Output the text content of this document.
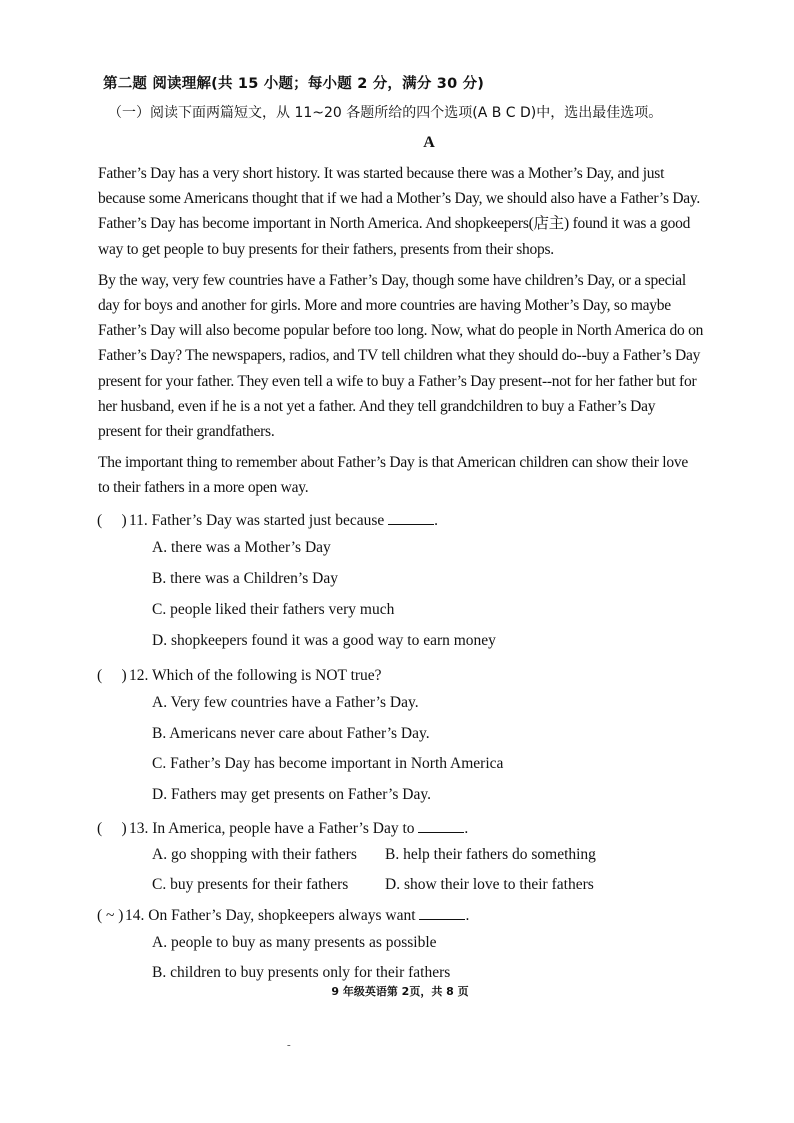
第二题 阅读理解(共 15 小题；每小题 2 分，满分 30 分)
（一）阅读下面两篇短文，从 11~20 各题所给的四个选项(A B C D)中，选出最佳选项。
A

Father’s Day has a very short history. It was started because there was a Mother’s Day, and just
because some Americans thought that if we had a Mother’s Day, we should also have a Father’s Day.
Father’s Day has become important in North America. And shopkeepers(店主) found it was a good
way to get people to buy presents for their fathers, presents from their shops.

By the way, very few countries have a Father’s Day, though some have children’s Day, or a special
day for boys and another for girls. More and more countries are having Mother’s Day, so maybe
Father’s Day will also become popular before too long. Now, what do people in North America do on
Father’s Day? The newspapers, radios, and TV tell children what they should do--buy a Father’s Day
present for your father. They even tell a wife to buy a Father’s Day present--not for her father but for
her husband, even if he is a not yet a father. And they tell grandchildren to buy a Father’s Day
present for their grandfathers.

The important thing to remember about Father’s Day is that American children can show their love
to their fathers in a more open way.

(　 ) 11. Father’s Day was started just because	.
A. there was a Mother’s Day
B. there was a Children’s Day
C. people liked their fathers very much
D. shopkeepers found it was a good way to earn money
(　 ) 12. Which of the following is NOT true?
A. Very few countries have a Father’s Day.
B. Americans never care about Father’s Day.
C. Father’s Day has become important in North America
D. Fathers may get presents on Father’s Day.
(　 ) 13. In America, people have a Father’s Day to	.
A. go shopping with their fathers B. help their fathers do something
C. buy presents for their fathers D. show their love to their fathers
( ~ )14. On Father’s Day, shopkeepers always want	.
A. people to buy as many presents as possible
B. children to buy presents only for their fathers
9 年级英语第 2页，共 8 页
-
